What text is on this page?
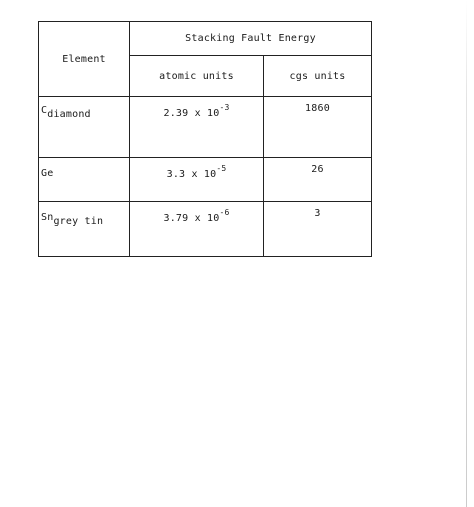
Element	Stacking Fault Energy	
	atomic units	cgs units
$C_{diamond}$	2.39 x $10^{-3}$	1860
Ge	3.3 x $10^{-5}$	26
$Sn_{grey tin}$	3.79 x $10^{-6}$	3
